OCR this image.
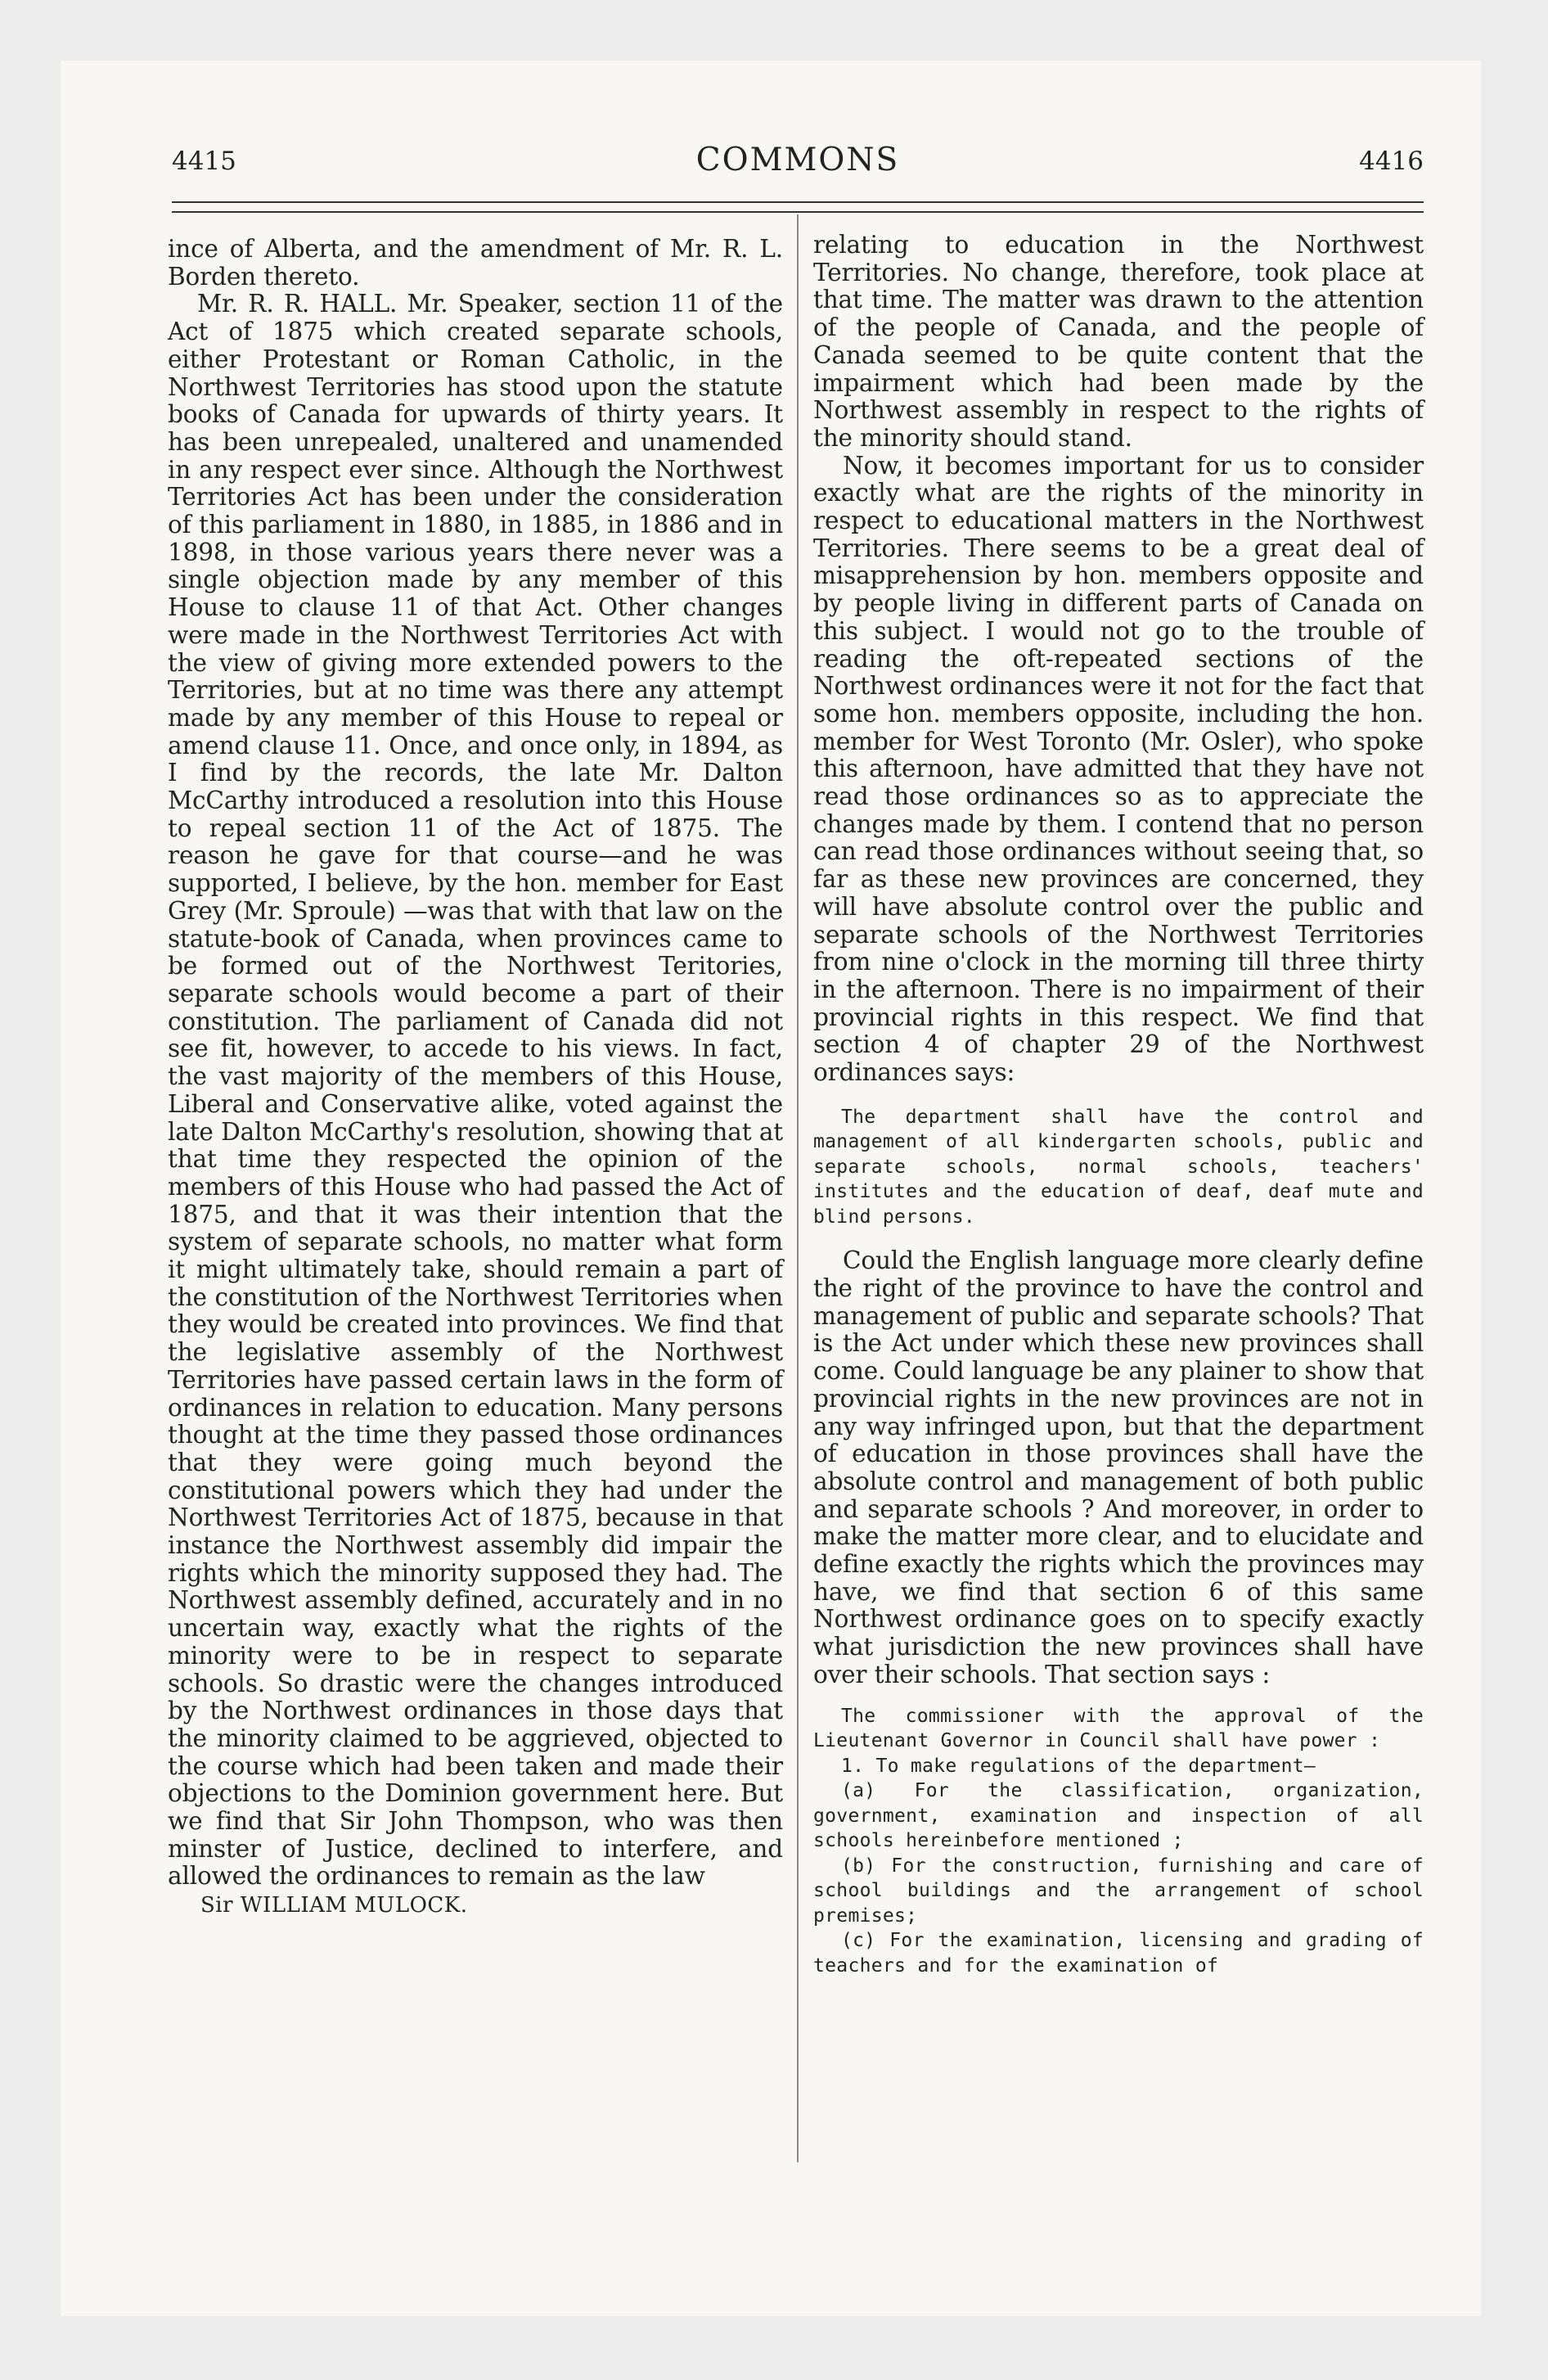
4415	COMMONS	4416

ince of Alberta, and the amendment of Mr. R. L. Borden thereto.

Mr. R. R. HALL. Mr. Speaker, section 11 of the Act of 1875 which created separate schools, either Protestant or Roman Catholic, in the Northwest Territories has stood upon the statute books of Canada for upwards of thirty years. It has been unrepealed, unaltered and unamended in any respect ever since. Although the Northwest Territories Act has been under the consideration of this parliament in 1880, in 1885, in 1886 and in 1898, in those various years there never was a single objection made by any member of this House to clause 11 of that Act. Other changes were made in the Northwest Territories Act with the view of giving more extended powers to the Territories, but at no time was there any attempt made by any member of this House to repeal or amend clause 11. Once, and once only, in 1894, as I find by the records, the late Mr. Dalton McCarthy introduced a resolution into this House to repeal section 11 of the Act of 1875. The reason he gave for that course—and he was supported, I believe, by the hon. member for East Grey (Mr. Sproule) —was that with that law on the statute-book of Canada, when provinces came to be formed out of the Northwest Teritories, separate schools would become a part of their constitution. The parliament of Canada did not see fit, however, to accede to his views. In fact, the vast majority of the members of this House, Liberal and Conservative alike, voted against the late Dalton McCarthy's resolution, showing that at that time they respected the opinion of the members of this House who had passed the Act of 1875, and that it was their intention that the system of separate schools, no matter what form it might ultimately take, should remain a part of the constitution of the Northwest Territories when they would be created into provinces. We find that the legislative assembly of the Northwest Territories have passed certain laws in the form of ordinances in relation to education. Many persons thought at the time they passed those ordinances that they were going much beyond the constitutional powers which they had under the Northwest Territories Act of 1875, because in that instance the Northwest assembly did impair the rights which the minority supposed they had. The Northwest assembly defined, accurately and in no uncertain way, exactly what the rights of the minority were to be in respect to separate schools. So drastic were the changes introduced by the Northwest ordinances in those days that the minority claimed to be aggrieved, objected to the course which had been taken and made their objections to the Dominion government here. But we find that Sir John Thompson, who was then minster of Justice, declined to interfere, and allowed the ordinances to remain as the law

Sir WILLIAM MULOCK.

relating to education in the Northwest Territories. No change, therefore, took place at that time. The matter was drawn to the attention of the people of Canada, and the people of Canada seemed to be quite content that the impairment which had been made by the Northwest assembly in respect to the rights of the minority should stand.

Now, it becomes important for us to consider exactly what are the rights of the minority in respect to educational matters in the Northwest Territories. There seems to be a great deal of misapprehension by hon. members opposite and by people living in different parts of Canada on this subject. I would not go to the trouble of reading the oft-repeated sections of the Northwest ordinances were it not for the fact that some hon. members opposite, including the hon. member for West Toronto (Mr. Osler), who spoke this afternoon, have admitted that they have not read those ordinances so as to appreciate the changes made by them. I contend that no person can read those ordinances without seeing that, so far as these new provinces are concerned, they will have absolute control over the public and separate schools of the Northwest Territories from nine o'clock in the morning till three thirty in the afternoon. There is no impairment of their provincial rights in this respect. We find that section 4 of chapter 29 of the Northwest ordinances says:

The department shall have the control and management of all kindergarten schools, public and separate schools, normal schools, teachers' institutes and the education of deaf, deaf mute and blind persons.

Could the English language more clearly define the right of the province to have the control and management of public and separate schools? That is the Act under which these new provinces shall come. Could language be any plainer to show that provincial rights in the new provinces are not in any way infringed upon, but that the department of education in those provinces shall have the absolute control and management of both public and separate schools ? And moreover, in order to make the matter more clear, and to elucidate and define exactly the rights which the provinces may have, we find that section 6 of this same Northwest ordinance goes on to specify exactly what jurisdiction the new provinces shall have over their schools. That section says :

The commissioner with the approval of the Lieutenant Governor in Council shall have power :

1. To make regulations of the department—

(a) For the classification, organization, government, examination and inspection of all schools hereinbefore mentioned ;

(b) For the construction, furnishing and care of school buildings and the arrangement of school premises;

(c) For the examination, licensing and grading of teachers and for the examination of
